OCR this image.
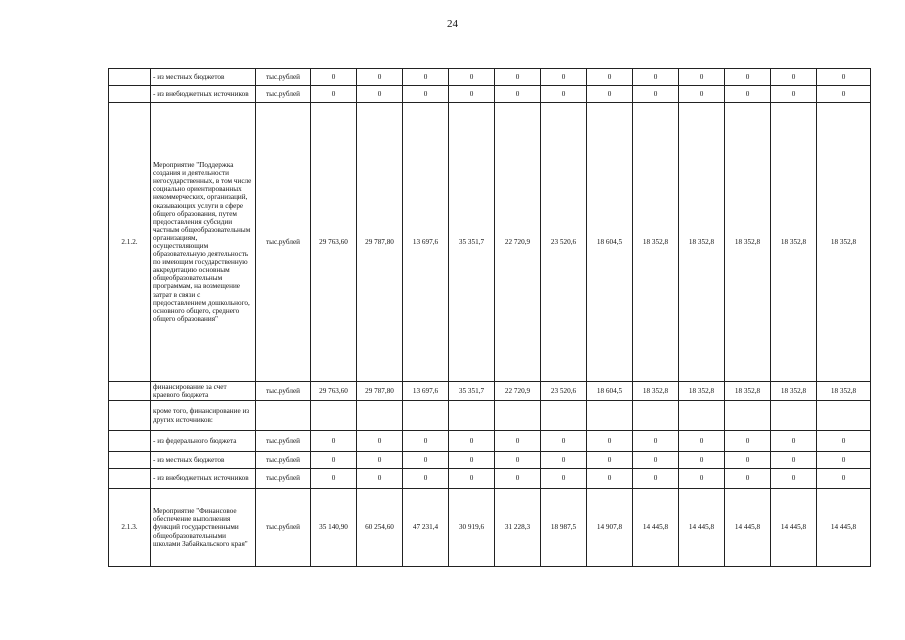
24
	- из местных бюджетов	тыс.рублей	0	0	0	0	0	0	0	0	0	0	0	0
	- из внебюджетных источников	тыс.рублей	0	0	0	0	0	0	0	0	0	0	0	0
2.1.2.	Мероприятие "Поддержка создания и деятельности негосударственных, в том числе социально ориентированных некоммерческих, организаций, оказывающих услуги в сфере общего образования, путем предоставления субсидии частным общеобразовательным организациям, осуществляющим образовательную деятельность по имеющим государственную аккредитацию основным общеобразовательным программам, на возмещение затрат в связи с предоставлением дошкольного, основного общего, среднего общего образования"	тыс.рублей	29 763,60	29 787,80	13 697,6	35 351,7	22 720,9	23 520,6	18 604,5	18 352,8	18 352,8	18 352,8	18 352,8	18 352,8
	финансирование за счет краевого бюджета	тыс.рублей	29 763,60	29 787,80	13 697,6	35 351,7	22 720,9	23 520,6	18 604,5	18 352,8	18 352,8	18 352,8	18 352,8	18 352,8
	кроме того, финансирование из других источников:													
	- из федерального бюджета	тыс.рублей	0	0	0	0	0	0	0	0	0	0	0	0
	- из местных бюджетов	тыс.рублей	0	0	0	0	0	0	0	0	0	0	0	0
	- из внебюджетных источников	тыс.рублей	0	0	0	0	0	0	0	0	0	0	0	0
2.1.3.	Мероприятие "Финансовое обеспечение выполнения функций государственными общеобразовательными школами Забайкальского края"	тыс.рублей	35 140,90	60 254,60	47 231,4	30 919,6	31 228,3	18 987,5	14 907,8	14 445,8	14 445,8	14 445,8	14 445,8	14 445,8
